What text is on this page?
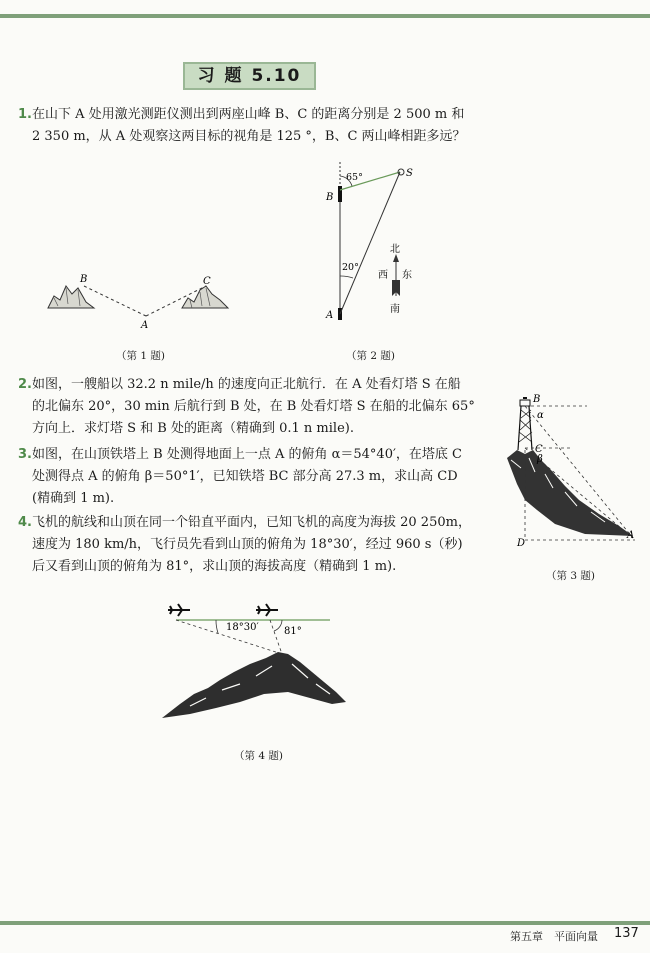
习 题 5.10
1.在山下 A 处用激光测距仪测出到两座山峰 B、C 的距离分别是 2 500 m 和
2 350 m，从 A 处观察这两目标的视角是 125 °，B、C 两山峰相距多远？
B	C
A
（第 1 题)
65°
20°
S
B
A
北
西 东
南
（第 2 题)
2.如图，一艘船以 32.2 n mile/h 的速度向正北航行．在 A 处看灯塔 S 在船
的北偏东 20°，30 min 后航行到 B 处，在 B 处看灯塔 S 在船的北偏东 65°
方向上．求灯塔 S 和 B 处的距离（精确到 0.1 n mile).
3.如图，在山顶铁塔上 B 处测得地面上一点 A 的俯角 α＝54°40′，在塔底 C
处测得点 A 的俯角 β＝50°1′，已知铁塔 BC 部分高 27.3 m，求山高 CD
(精确到 1 m).
4.飞机的航线和山顶在同一个铅直平面内，已知飞机的高度为海拔 20 250m，
速度为 180 km/h，飞行员先看到山顶的俯角为 18°30′，经过 960 s（秒)
后又看到山顶的俯角为 81°，求山顶的海拔高度（精确到 1 m).
α
β
B
C
D
A
（第 3 题)
18°30′	81°
（第 4 题)
第五章　平面向量 137
